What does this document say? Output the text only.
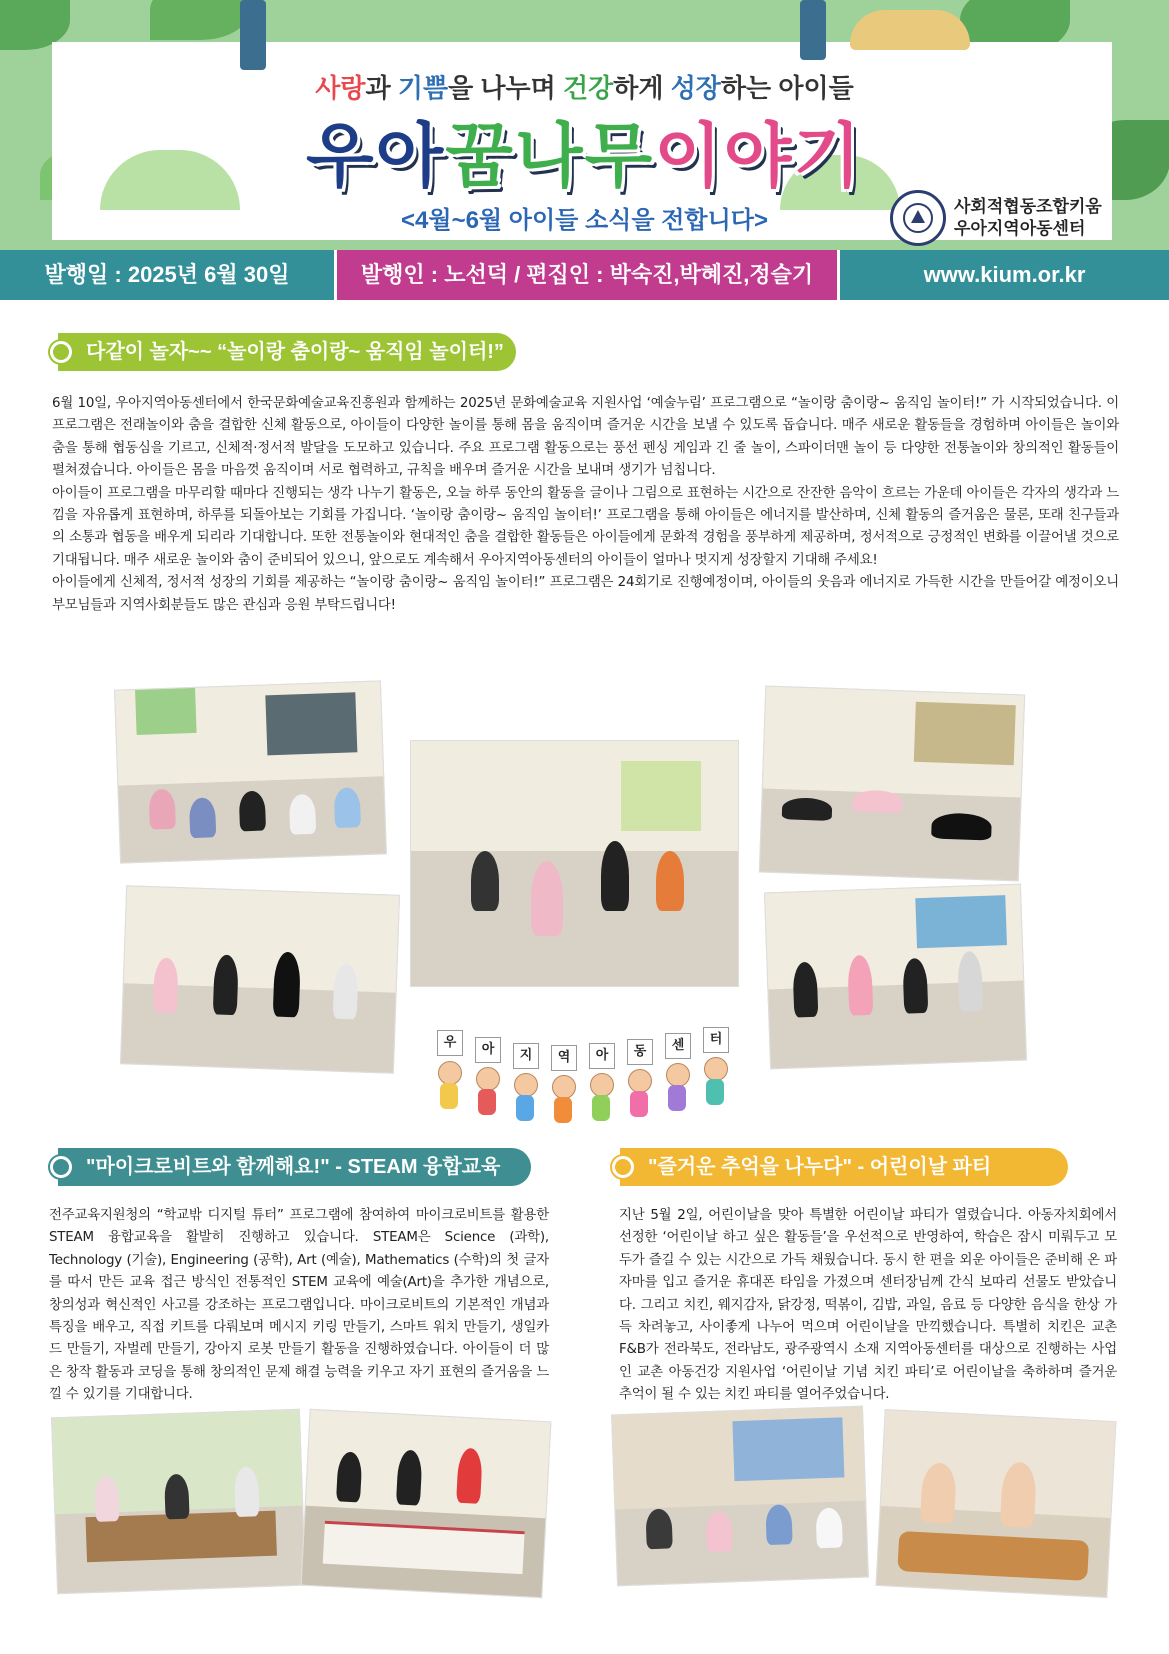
사랑과 기쁨을 나누며 건강하게 성장하는 아이들
우아꿈나무이야기
<4월~6월 아이들 소식을 전합니다>
사회적협동조합키움
우아지역아동센터
발행일 : 2025년 6월 30일	발행인 : 노선덕 / 편집인 : 박숙진,박혜진,정슬기	www.kium.or.kr
다같이 놀자~~ “놀이랑 춤이랑~ 움직임 놀이터!”

6월 10일, 우아지역아동센터에서 한국문화예술교육진흥원과 함께하는 2025년 문화예술교육 지원사업 ‘예술누림’ 프로그램으로 “놀이랑 춤이랑~ 움직임 놀이터!” 가 시작되었습니다. 이 프로그램은 전래놀이와 춤을 결합한 신체 활동으로, 아이들이 다양한 놀이를 통해 몸을 움직이며 즐거운 시간을 보낼 수 있도록 돕습니다. 매주 새로운 활동들을 경험하며 아이들은 놀이와 춤을 통해 협동심을 기르고, 신체적·정서적 발달을 도모하고 있습니다. 주요 프로그램 활동으로는 풍선 펜싱 게임과 긴 줄 놀이, 스파이더맨 놀이 등 다양한 전통놀이와 창의적인 활동들이 펼쳐졌습니다. 아이들은 몸을 마음껏 움직이며 서로 협력하고, 규칙을 배우며 즐거운 시간을 보내며 생기가 넘칩니다.

아이들이 프로그램을 마무리할 때마다 진행되는 생각 나누기 활동은, 오늘 하루 동안의 활동을 글이나 그림으로 표현하는 시간으로 잔잔한 음악이 흐르는 가운데 아이들은 각자의 생각과 느낌을 자유롭게 표현하며, 하루를 되돌아보는 기회를 가집니다. ‘놀이랑 춤이랑~ 움직임 놀이터!’ 프로그램을 통해 아이들은 에너지를 발산하며, 신체 활동의 즐거움은 물론, 또래 친구들과의 소통과 협동을 배우게 되리라 기대합니다. 또한 전통놀이와 현대적인 춤을 결합한 활동들은 아이들에게 문화적 경험을 풍부하게 제공하며, 정서적으로 긍정적인 변화를 이끌어낼 것으로 기대됩니다. 매주 새로운 놀이와 춤이 준비되어 있으니, 앞으로도 계속해서 우아지역아동센터의 아이들이 얼마나 멋지게 성장할지 기대해 주세요!

아이들에게 신체적, 정서적 성장의 기회를 제공하는 “놀이랑 춤이랑~ 움직임 놀이터!” 프로그램은 24회기로 진행예정이며, 아이들의 웃음과 에너지로 가득한 시간을 만들어갈 예정이오니 부모님들과 지역사회분들도 많은 관심과 응원 부탁드립니다!

우	아	지	역	아	동	센	터
"마이크로비트와 함께해요!" - STEAM 융합교육

전주교육지원청의 “학교밖 디지털 튜터” 프로그램에 참여하여 마이크로비트를 활용한 STEAM 융합교육을 활발히 진행하고 있습니다. STEAM은 Science (과학), Technology (기술), Engineering (공학), Art (예술), Mathematics (수학)의 첫 글자를 따서 만든 교육 접근 방식인 전통적인 STEM 교육에 예술(Art)을 추가한 개념으로, 창의성과 혁신적인 사고를 강조하는 프로그램입니다. 마이크로비트의 기본적인 개념과 특징을 배우고, 직접 키트를 다뤄보며 메시지 키링 만들기, 스마트 워치 만들기, 생일카드 만들기, 자벌레 만들기, 강아지 로봇 만들기 활동을 진행하였습니다. 아이들이 더 많은 창작 활동과 코딩을 통해 창의적인 문제 해결 능력을 키우고 자기 표현의 즐거움을 느낄 수 있기를 기대합니다.

"즐거운 추억을 나누다" - 어린이날 파티

지난 5월 2일, 어린이날을 맞아 특별한 어린이날 파티가 열렸습니다. 아동자치회에서 선정한 ‘어린이날 하고 싶은 활동들’을 우선적으로 반영하여, 학습은 잠시 미뤄두고 모두가 즐길 수 있는 시간으로 가득 채웠습니다. 동시 한 편을 외운 아이들은 준비해 온 파자마를 입고 즐거운 휴대폰 타임을 가졌으며 센터장님께 간식 보따리 선물도 받았습니다. 그리고 치킨, 웨지감자, 닭강정, 떡볶이, 김밥, 과일, 음료 등 다양한 음식을 한상 가득 차려놓고, 사이좋게 나누어 먹으며 어린이날을 만끽했습니다. 특별히 치킨은 교촌F&B가 전라북도, 전라남도, 광주광역시 소재 지역아동센터를 대상으로 진행하는 사업인 교촌 아동건강 지원사업 ‘어린이날 기념 치킨 파티’로 어린이날을 축하하며 즐거운 추억이 될 수 있는 치킨 파티를 열어주었습니다.
